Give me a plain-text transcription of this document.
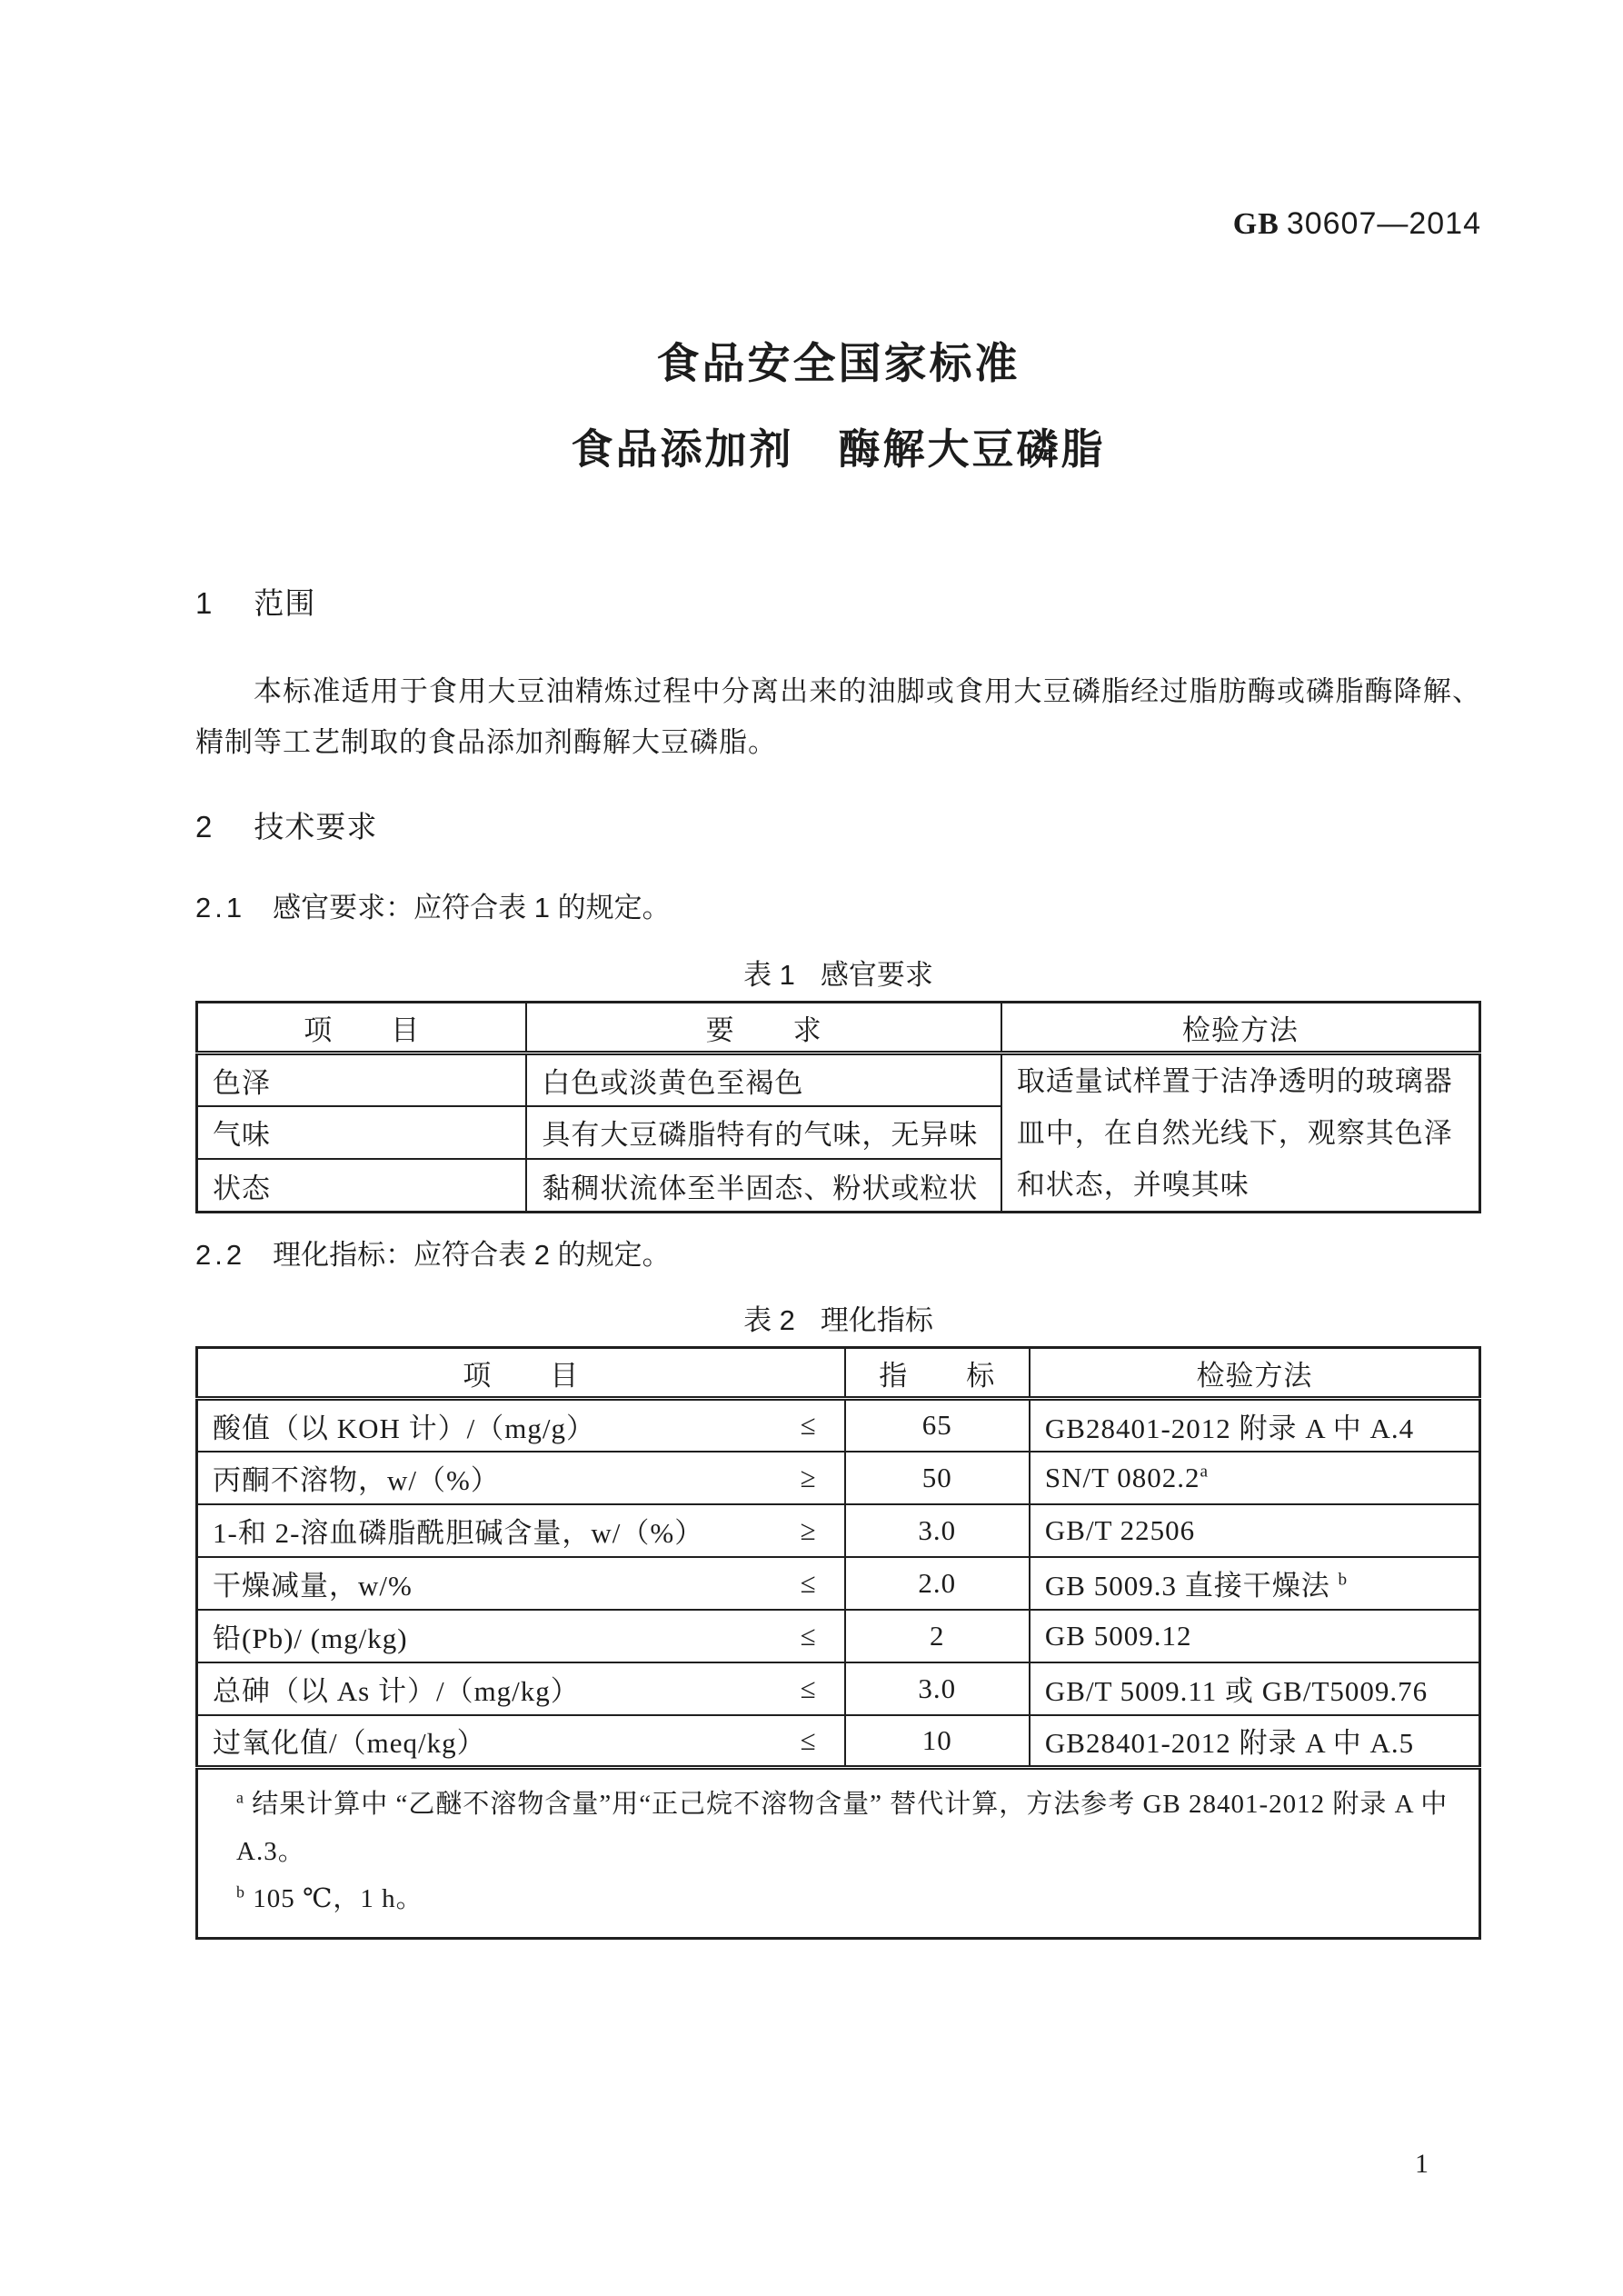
GB 30607—2014
食品安全国家标准
食品添加剂　酶解大豆磷脂
1 范围

本标准适用于食用大豆油精炼过程中分离出来的油脚或食用大豆磷脂经过脂肪酶或磷脂酶降解、精制等工艺制取的食品添加剂酶解大豆磷脂。

2 技术要求
2.1 感官要求：应符合表 1 的规定。
表 1 感官要求
项　　目	要　　求	检验方法
色泽	白色或淡黄色至褐色	取适量试样置于洁净透明的玻璃器皿中，在自然光线下，观察其色泽和状态，并嗅其味
气味	具有大豆磷脂特有的气味，无异味	
状态	黏稠状流体至半固态、粉状或粒状	
2.2 理化指标：应符合表 2 的规定。
表 2 理化指标
项　　目	指　　标	检验方法

酸值（以 KOH 计）/（mg/g） ≤	65	GB28401-2012 附录 A 中 A.4

丙酮不溶物，w/（%） ≥	50	SN/T 0802.2$^a$

1-和 2-溶血磷脂酰胆碱含量，w/（%） ≥	3.0	GB/T 22506

干燥减量，w/% ≤	2.0	GB 5009.3 直接干燥法 $^b$

铅(Pb)/ (mg/kg) ≤	2	GB 5009.12

总砷（以 As 计）/（mg/kg） ≤	3.0	GB/T 5009.11 或 GB/T5009.76

过氧化值/（meq/kg） ≤	10	GB28401-2012 附录 A 中 A.5

$^a$ 结果计算中 “乙醚不溶物含量”用“正己烷不溶物含量” 替代计算，方法参考 GB 28401-2012 附录 A 中 A.3。
$^b$ 105 ℃，1 h。		
1
